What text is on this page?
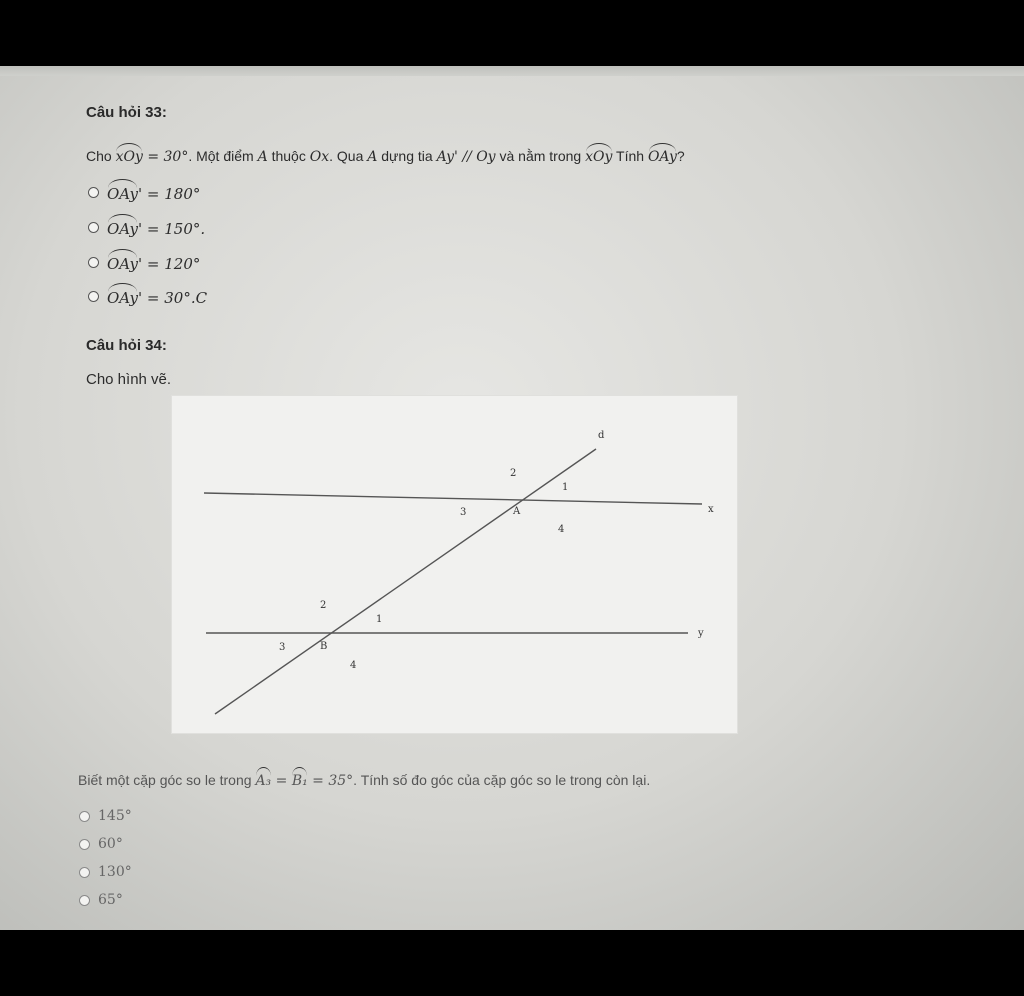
Câu hỏi 33:
Cho xOy = 30°. Một điểm A thuộc Ox. Qua A dựng tia Ay' // Oy và nằm trong xOy Tính OAy?
OAy' = 180°
OAy' = 150°.
OAy' = 120°
OAy' = 30°.C
Câu hỏi 34:
Cho hình vẽ.
d
x
y
A
1
2
3
4
B
1
2
3
4
Biết một cặp góc so le trong A₃ = B₁ = 35°. Tính số đo góc của cặp góc so le trong còn lại.
145°
60°
130°
65°
